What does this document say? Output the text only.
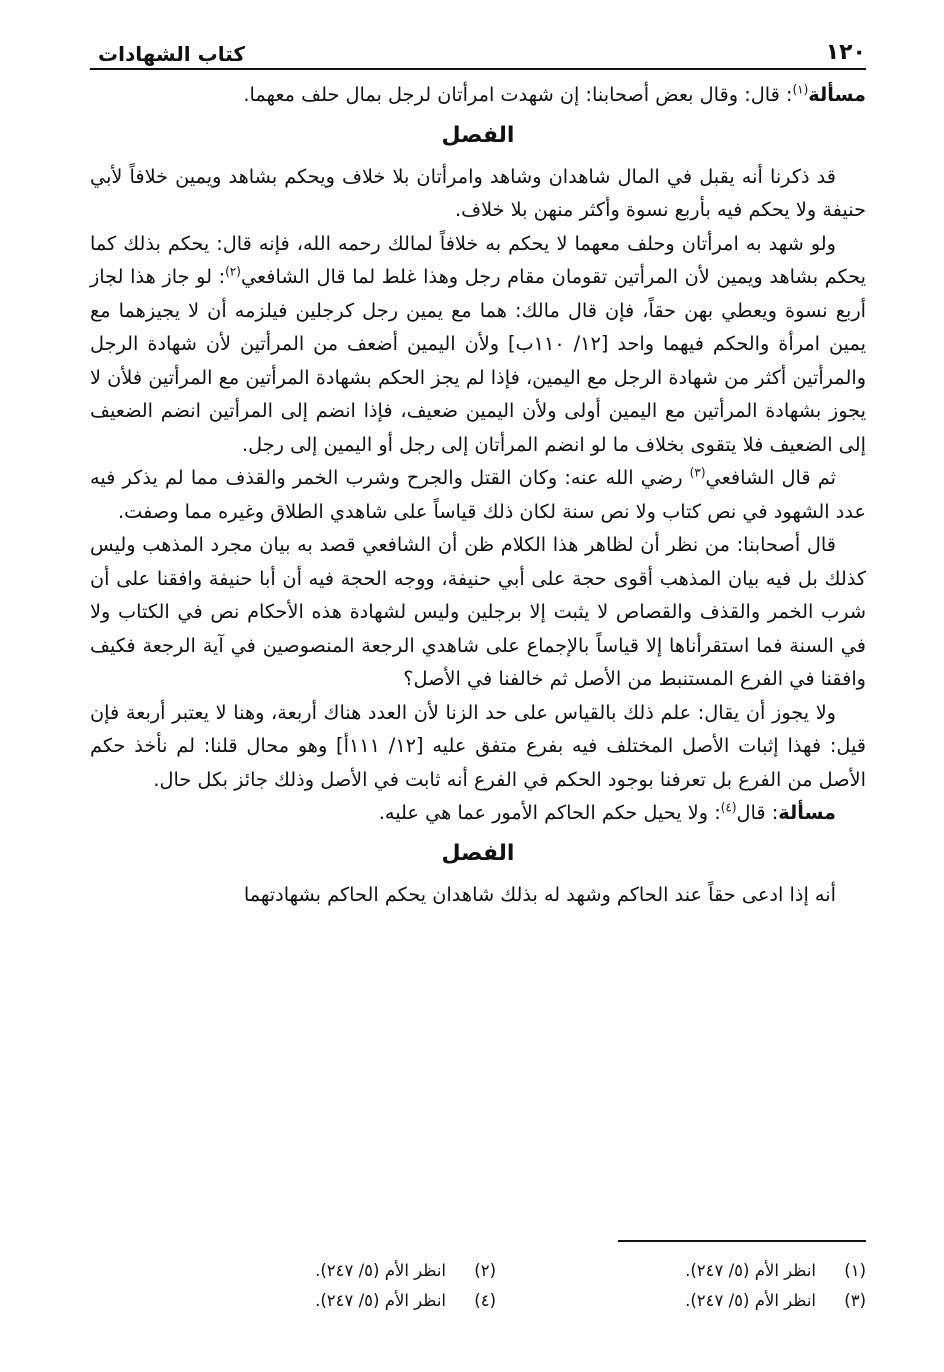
١٢٠
كتاب الشهادات

مسألة$^{(١)}$: قال: وقال بعض أصحابنا: إن شهدت امرأتان لرجل بمال حلف معهما.

الفصل

قد ذكرنا أنه يقبل في المال شاهدان وشاهد وامرأتان بلا خلاف ويحكم بشاهد ويمين خلافاً لأبي حنيفة ولا يحكم فيه بأربع نسوة وأكثر منهن بلا خلاف.

ولو شهد به امرأتان وحلف معهما لا يحكم به خلافاً لمالك رحمه الله، فإنه قال: يحكم بذلك كما يحكم بشاهد ويمين لأن المرأتين تقومان مقام رجل وهذا غلط لما قال الشافعي$^{(٢)}$: لو جاز هذا لجاز أربع نسوة ويعطي بهن حقاً، فإن قال مالك: هما مع يمين رجل كرجلين فيلزمه أن لا يجيزهما مع يمين امرأة والحكم فيهما واحد [١٢/ ١١٠ب] ولأن اليمين أضعف من المرأتين لأن شهادة الرجل والمرأتين أكثر من شهادة الرجل مع اليمين، فإذا لم يجز الحكم بشهادة المرأتين مع المرأتين فلأن لا يجوز بشهادة المرأتين مع اليمين أولى ولأن اليمين ضعيف، فإذا انضم إلى المرأتين انضم الضعيف إلى الضعيف فلا يتقوى بخلاف ما لو انضم المرأتان إلى رجل أو اليمين إلى رجل.

ثم قال الشافعي$^{(٣)}$ رضي الله عنه: وكان القتل والجرح وشرب الخمر والقذف مما لم يذكر فيه عدد الشهود في نص كتاب ولا نص سنة لكان ذلك قياساً على شاهدي الطلاق وغيره مما وصفت.

قال أصحابنا: من نظر أن لظاهر هذا الكلام ظن أن الشافعي قصد به بيان مجرد المذهب وليس كذلك بل فيه بيان المذهب أقوى حجة على أبي حنيفة، ووجه الحجة فيه أن أبا حنيفة وافقنا على أن شرب الخمر والقذف والقصاص لا يثبت إلا برجلين وليس لشهادة هذه الأحكام نص في الكتاب ولا في السنة فما استقرأناها إلا قياساً بالإجماع على شاهدي الرجعة المنصوصين في آية الرجعة فكيف وافقنا في الفرع المستنبط من الأصل ثم خالفنا في الأصل؟

ولا يجوز أن يقال: علم ذلك بالقياس على حد الزنا لأن العدد هناك أربعة، وهنا لا يعتبر أربعة فإن قيل: فهذا إثبات الأصل المختلف فيه بفرع متفق عليه [١٢/ ١١١أ] وهو محال قلنا: لم نأخذ حكم الأصل من الفرع بل تعرفنا بوجود الحكم في الفرع أنه ثابت في الأصل وذلك جائز بكل حال.

مسألة: قال$^{(٤)}$: ولا يحيل حكم الحاكم الأمور عما هي عليه.

الفصل

أنه إذا ادعى حقاً عند الحاكم وشهد له بذلك شاهدان يحكم الحاكم بشهادتهما

(١)
انظر الأم (٥/ ٢٤٧).
(٢)
انظر الأم (٥/ ٢٤٧).
(٣)
انظر الأم (٥/ ٢٤٧).
(٤)
انظر الأم (٥/ ٢٤٧).
